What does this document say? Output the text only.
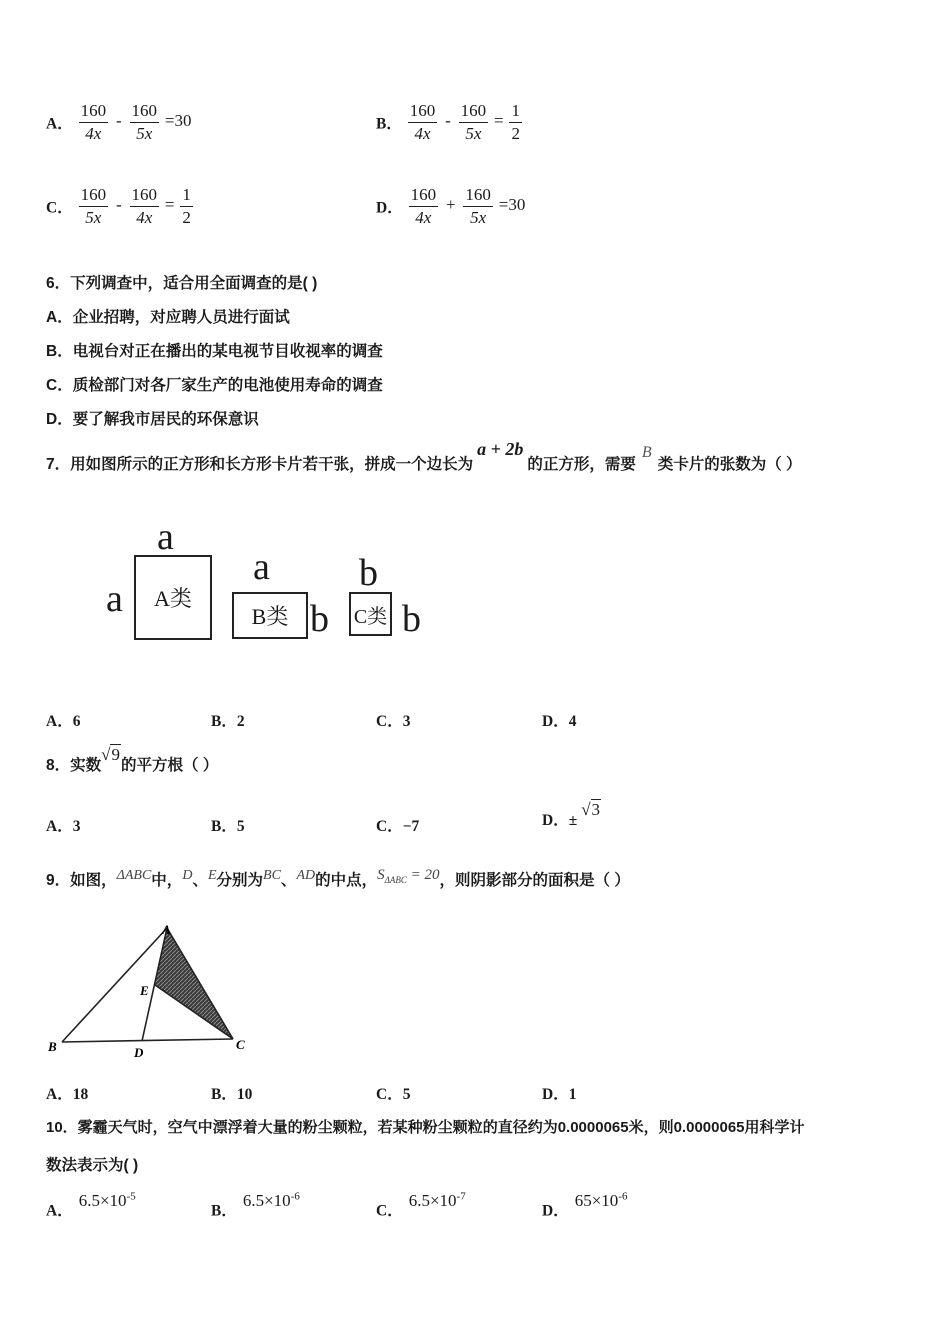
A． $\frac{160}{4x} - \frac{160}{5x} =30$	B． $\frac{160}{4x} - \frac{160}{5x} = \frac{1}{2}$
C． $\frac{160}{5x} - \frac{160}{4x} = \frac{1}{2}$	D． $\frac{160}{4x} + \frac{160}{5x} =30$
6．下列调查中，适合用全面调查的是( )
A．企业招聘，对应聘人员进行面试
B．电视台对正在播出的某电视节目收视率的调查
C．质检部门对各厂家生产的电池使用寿命的调查
D．要了解我市居民的环保意识
7．用如图所示的正方形和长方形卡片若干张，拼成一个边长为a + 2b的正方形，需要B类卡片的张数为（ ）
a
a A类
a
B类 b
b
C类 b
A．6	B．2	C．3	D．4
8．实数√9的平方根（ ）
A．3	B．5	C．−7	D．±√3
9．如图，ΔABC中，D、E分别为BC、AD的中点，$S_{\Delta ABC} = 20$，则阴影部分的面积是（ ）
A
B	C
D
E
A．18	B．10	C．5	D．1
10．雾霾天气时，空气中漂浮着大量的粉尘颗粒，若某种粉尘颗粒的直径约为0.0000065米，则0.0000065用科学计
数法表示为( )
A．$6.5\times 10^{-5}$
B．$6.5\times 10^{-6}$
C．$6.5\times 10^{-7}$
D．$65\times 10^{-6}$
